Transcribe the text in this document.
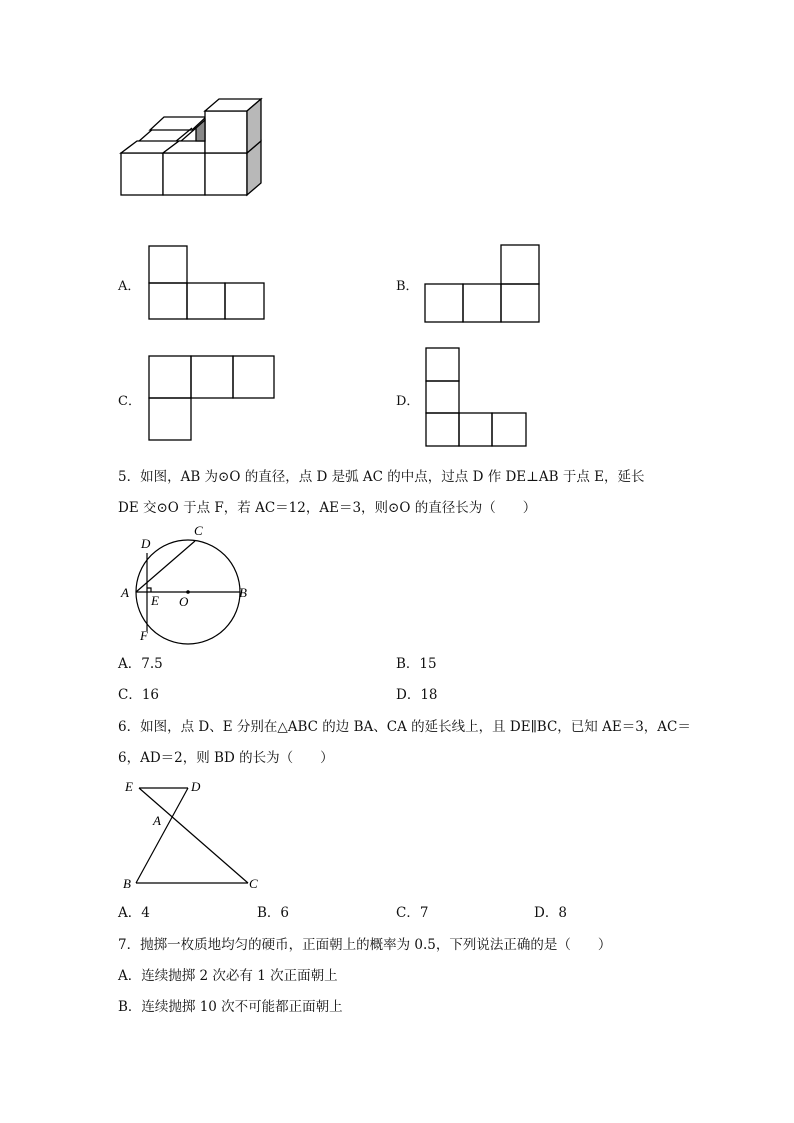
A．	B．
C．	D．
5．如图，AB 为⊙O 的直径，点 D 是弧 AC 的中点，过点 D 作 DE⊥AB 于点 E，延长
DE 交⊙O 于点 F，若 AC＝12，AE＝3，则⊙O 的直径长为（　　）
A	B
C
D
E O
F
A．7.5	B．15
C．16	D．18
6．如图，点 D、E 分别在△ABC 的边 BA、CA 的延长线上，且 DE∥BC，已知 AE＝3，AC＝
6，AD＝2，则 BD 的长为（　　）
E	D
A
B	C
A．4	B．6	C．7	D．8
7．抛掷一枚质地均匀的硬币，正面朝上的概率为 0.5，下列说法正确的是（　　）
A．连续抛掷 2 次必有 1 次正面朝上
B．连续抛掷 10 次不可能都正面朝上
